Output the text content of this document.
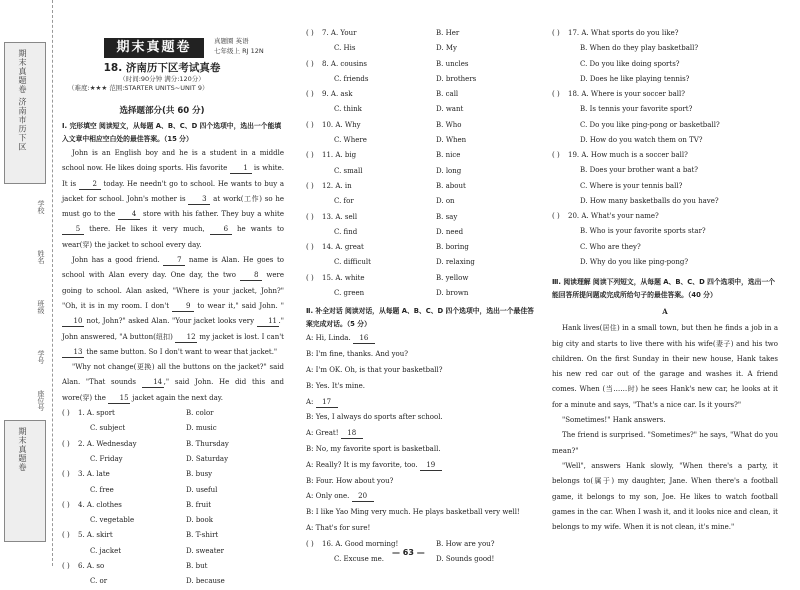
期末真题卷 济南市历下区
学校
姓名
班级
学号
座位号
期末真题卷
期末真题卷	真题圈 英语
七年级上 RJ 12N
18. 济南历下区考试真卷
（时间:90分钟 满分:120分）
（难度:★★★ 范围:STARTER UNITS~UNIT 9）
选择题部分(共 60 分)

Ⅰ. 完形填空 阅读短文，从每题 A、B、C、D 四个选项中，选出一个能填入文章中相应空白处的最佳答案。（15 分）

John is an English boy and he is a student in a middle school now. He likes doing sports. His favorite 1 is white. It is 2 today. He needn't go to school. He wants to buy a jacket for school. John's mother is 3 at work(工作) so he must go to the 4 store with his father. They buy a white 5 there. He likes it very much, 6 he wants to wear(穿) the jacket to school every day.

John has a good friend. 7 name is Alan. He goes to school with Alan every day. One day, the two 8 were going to school. Alan asked, "Where is your jacket, John?" "Oh, it is in my room. I don't 9 to wear it," said John. "10 not, John?" asked Alan. "Your jacket looks very 11 ." John answered, "A button(纽扣) 12 my jacket is lost. I can't 13 the same button. So I don't want to wear that jacket."

"Why not change(更换) all the buttons on the jacket?" said Alan. "That sounds 14 ," said John. He did this and wore(穿) the 15 jacket again the next day.

( ) 1. A. sport	B. color
C. subject	D. music
( ) 2. A. Wednesday	B. Thursday
C. Friday	D. Saturday
( ) 3. A. late	B. busy
C. free	D. useful
( ) 4. A. clothes	B. fruit
C. vegetable	D. book
( ) 5. A. skirt	B. T-shirt
C. jacket	D. sweater
( ) 6. A. so	B. but
C. or	D. because
( ) 7. A. Your	B. Her
C. His	D. My
( ) 8. A. cousins	B. uncles
C. friends	D. brothers
( ) 9. A. ask	B. call
C. think	D. want
( ) 10. A. Why	B. Who
C. Where	D. When
( ) 11. A. big	B. nice
C. small	D. long
( ) 12. A. in	B. about
C. for	D. on
( ) 13. A. sell	B. say
C. find	D. need
( ) 14. A. great	B. boring
C. difficult	D. relaxing
( ) 15. A. white	B. yellow
C. green	D. brown

Ⅱ. 补全对话 阅读对话，从每题 A、B、C、D 四个选项中，选出一个最佳答案完成对话。（5 分）

A: Hi, Linda. 16

B: I'm fine, thanks. And you?

A: I'm OK. Oh, is that your basketball?

B: Yes. It's mine.

A: 17

B: Yes, I always do sports after school.

A: Great! 18

B: No, my favorite sport is basketball.

A: Really? It is my favorite, too. 19

B: Four. How about you?

A: Only one. 20

B: I like Yao Ming very much. He plays basketball very well!

A: That's for sure!

( ) 16. A. Good morning!	B. How are you?
C. Excuse me.	D. Sounds good!
( ) 17. A. What sports do you like?
B. When do they play basketball?
C. Do you like doing sports?
D. Does he like playing tennis?
( ) 18. A. Where is your soccer ball?
B. Is tennis your favorite sport?
C. Do you like ping-pong or basketball?
D. How do you watch them on TV?
( ) 19. A. How much is a soccer ball?
B. Does your brother want a bat?
C. Where is your tennis ball?
D. How many basketballs do you have?
( ) 20. A. What's your name?
B. Who is your favorite sports star?
C. Who are they?
D. Why do you like ping-pong?

Ⅲ. 阅读理解 阅读下列短文，从每题 A、B、C、D 四个选项中，选出一个能回答所提问题或完成所给句子的最佳答案。（40 分）

A

Hank lives(居住) in a small town, but then he finds a job in a big city and starts to live there with his wife(妻子) and his two children. On the first Sunday in their new house, Hank takes his new red car out of the garage and washes it. A friend comes. When (当……时) he sees Hank's new car, he looks at it for a minute and says, "That's a nice car. Is it yours?"

"Sometimes!" Hank answers.

The friend is surprised. "Sometimes?" he says, "What do you mean?"

"Well", answers Hank slowly, "When there's a party, it belongs to(属于) my daughter, Jane. When there's a football game, it belongs to my son, Joe. He likes to watch football games in the car. When I wash it, and it looks nice and clean, it belongs to my wife. When it is not clean, it's mine."

— 63 —
